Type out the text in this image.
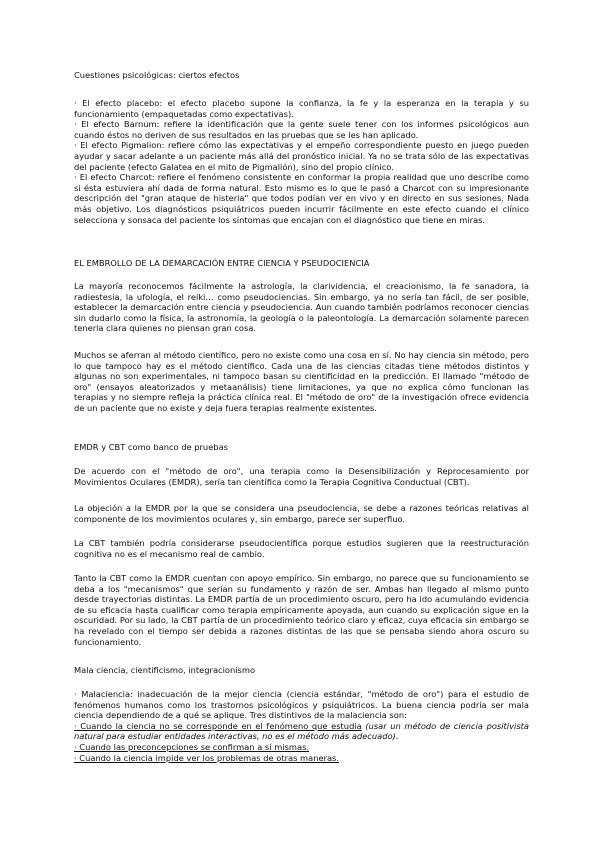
Cuestiones psicológicas: ciertos efectos

· El efecto placebo: el efecto placebo supone la confianza, la fe y la esperanza en la terapia y su funcionamiento (empaquetadas como expectativas).

· El efecto Barnum: refiere la identificación que la gente suele tener con los informes psicológicos aun cuando éstos no deriven de sus resultados en las pruebas que se les han aplicado.

· El efecto Pigmalion: refiere cómo las expectativas y el empeño correspondiente puesto en juego pueden ayudar y sacar adelante a un paciente más allá del pronóstico inicial. Ya no se trata sólo de las expectativas del paciente (efecto Galatea en el mito de Pigmalión), sino del propio clínico.

· El efecto Charcot: refiere el fenómeno consistente en conformar la propia realidad que uno describe como si ésta estuviera ahí dada de forma natural. Esto mismo es lo que le pasó a Charcot con su impresionante descripción del "gran ataque de histeria" que todos podían ver en vivo y en directo en sus sesiones. Nada más objetivo. Los diagnósticos psiquiátricos pueden incurrir fácilmente en este efecto cuando el clínico selecciona y sonsaca del paciente los síntomas que encajan con el diagnóstico que tiene en miras.

EL EMBROLLO DE LA DEMARCACIÓN ENTRE CIENCIA Y PSEUDOCIENCIA
La mayoría reconocemos fácilmente la astrología, la clarividencia, el creacionismo, la fe sanadora, la radiestesia, la ufología, el reiki… como pseudociencias. Sin embargo, ya no sería tan fácil, de ser posible, establecer la demarcación entre ciencia y pseudociencia. Aun cuando también podríamos reconocer ciencias sin dudarlo como la física, la astronomía, la geología o la paleontología. La demarcación solamente parecen tenerla clara quienes no piensan gran cosa.
Muchos se aferran al método científico, pero no existe como una cosa en sí. No hay ciencia sin método, pero lo que tampoco hay es el método científico. Cada una de las ciencias citadas tiene métodos distintos y algunas no son experimentales, ni tampoco basan su cientificidad en la predicción. El llamado "método de oro" (ensayos aleatorizados y metaanálisis) tiene limitaciones, ya que no explica cómo funcionan las terapias y no siempre refleja la práctica clínica real. El "método de oro" de la investigación ofrece evidencia de un paciente que no existe y deja fuera terapias realmente existentes.
EMDR y CBT como banco de pruebas
De acuerdo con el "método de oro", una terapia como la Desensibilización y Reprocesamiento por Movimientos Oculares (EMDR), sería tan científica como la Terapia Cognitiva Conductual (CBT).
La objeción a la EMDR por la que se considera una pseudociencia, se debe a razones teóricas relativas al componente de los movimientos oculares y, sin embargo, parece ser superfluo.
La CBT también podría considerarse pseudocientífica porque estudios sugieren que la reestructuración cognitiva no es el mecanismo real de cambio.
Tanto la CBT como la EMDR cuentan con apoyo empírico. Sin embargo, no parece que su funcionamiento se deba a los "mecanismos" que serían su fundamento y razón de ser. Ambas han llegado al mismo punto desde trayectorias distintas. La EMDR partía de un procedimiento oscuro, pero ha ido acumulando evidencia de su eficacia hasta cualificar como terapia empíricamente apoyada, aun cuando su explicación sigue en la oscuridad. Por su lado, la CBT partía de un procedimiento teórico claro y eficaz, cuya eficacia sin embargo se ha revelado con el tiempo ser debida a razones distintas de las que se pensaba siendo ahora oscuro su funcionamiento.
Mala ciencia, cientificismo, integracionismo

· Malaciencia: inadecuación de la mejor ciencia (ciencia estándar, "método de oro") para el estudio de fenómenos humanos como los trastornos psicológicos y psiquiátricos. La buena ciencia podría ser mala ciencia dependiendo de a qué se aplique. Tres distintivos de la malaciencia son:

· Cuando la ciencia no se corresponde en el fenómeno que estudia (usar un método de ciencia positivista natural para estudiar entidades interactivas, no es el método más adecuado).

· Cuando las preconcepciones se confirman a sí mismas.

· Cuando la ciencia impide ver los problemas de otras maneras.
